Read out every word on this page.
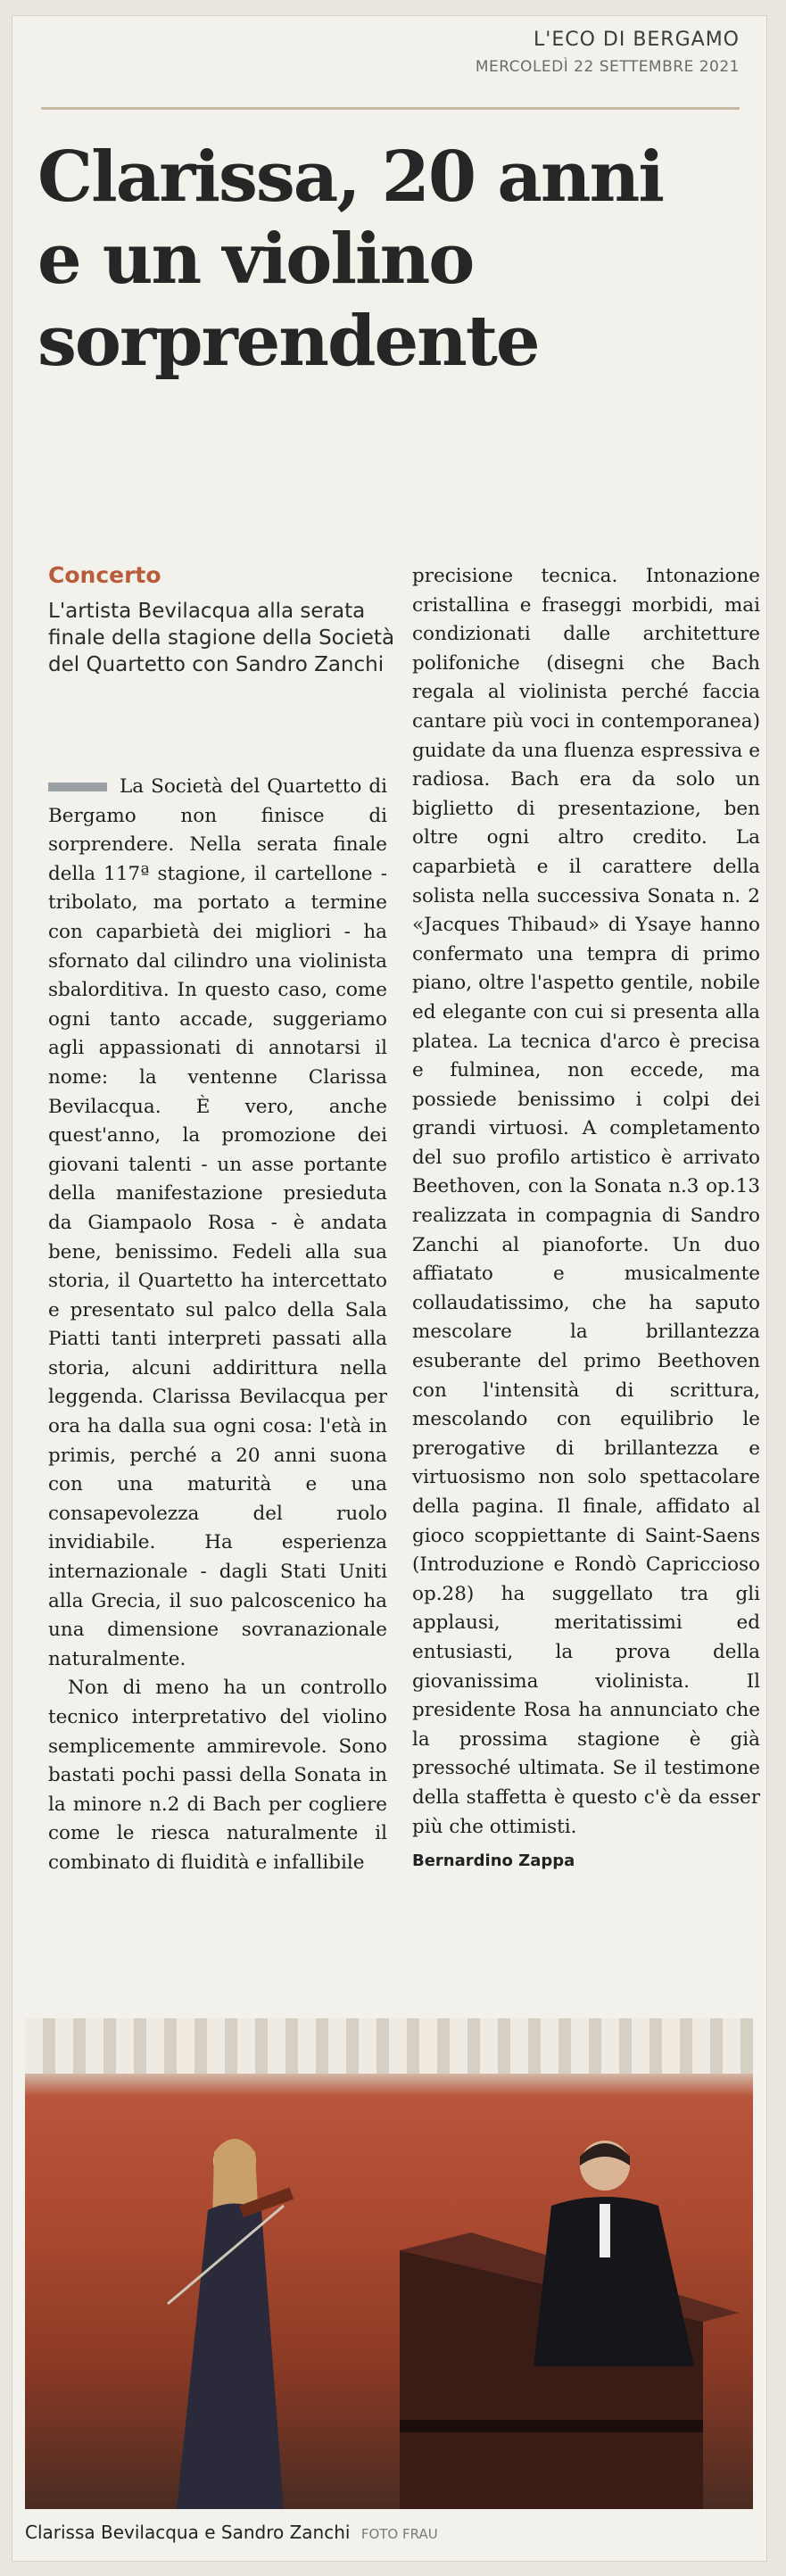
L'ECO DI BERGAMO
MERCOLEDÌ 22 SETTEMBRE 2021
Clarissa, 20 anni
e un violino
sorprendente
Concerto
L'artista Bevilacqua alla serata finale della stagione della Società del Quartetto con Sandro Zanchi

La Società del Quartetto di Bergamo non finisce di sorprendere. Nella serata finale della 117ª stagione, il cartellone - tribolato, ma portato a termine con caparbietà dei migliori - ha sfornato dal cilindro una violinista sbalorditiva. In questo caso, come ogni tanto accade, suggeriamo agli appassionati di annotarsi il nome: la ventenne Clarissa Bevilacqua. È vero, anche quest'anno, la promozione dei giovani talenti - un asse portante della manifestazione presieduta da Giampaolo Rosa - è andata bene, benissimo. Fedeli alla sua storia, il Quartetto ha intercettato e presentato sul palco della Sala Piatti tanti interpreti passati alla storia, alcuni addirittura nella leggenda. Clarissa Bevilacqua per ora ha dalla sua ogni cosa: l'età in primis, perché a 20 anni suona con una maturità e una consapevolezza del ruolo invidiabile. Ha esperienza internazionale - dagli Stati Uniti alla Grecia, il suo palcoscenico ha una dimensione sovranazionale naturalmente.

Non di meno ha un controllo tecnico interpretativo del violino semplicemente ammirevole. Sono bastati pochi passi della Sonata in la minore n.2 di Bach per cogliere come le riesca naturalmente il combinato di fluidità e infallibile

precisione tecnica. Intonazione cristallina e fraseggi morbidi, mai condizionati dalle architetture polifoniche (disegni che Bach regala al violinista perché faccia cantare più voci in contemporanea) guidate da una fluenza espressiva e radiosa. Bach era da solo un biglietto di presentazione, ben oltre ogni altro credito. La caparbietà e il carattere della solista nella successiva Sonata n. 2 «Jacques Thibaud» di Ysaye hanno confermato una tempra di primo piano, oltre l'aspetto gentile, nobile ed elegante con cui si presenta alla platea. La tecnica d'arco è precisa e fulminea, non eccede, ma possiede benissimo i colpi dei grandi virtuosi. A completamento del suo profilo artistico è arrivato Beethoven, con la Sonata n.3 op.13 realizzata in compagnia di Sandro Zanchi al pianoforte. Un duo affiatato e musicalmente collaudatissimo, che ha saputo mescolare la brillantezza esuberante del primo Beethoven con l'intensità di scrittura, mescolando con equilibrio le prerogative di brillantezza e virtuosismo non solo spettacolare della pagina. Il finale, affidato al gioco scoppiettante di Saint-Saens (Introduzione e Rondò Capriccioso op.28) ha suggellato tra gli applausi, meritatissimi ed entusiasti, la prova della giovanissima violinista. Il presidente Rosa ha annunciato che la prossima stagione è già pressoché ultimata. Se il testimone della staffetta è questo c'è da esser più che ottimisti.

Bernardino Zappa
Clarissa Bevilacqua e Sandro Zanchi FOTO FRAU
